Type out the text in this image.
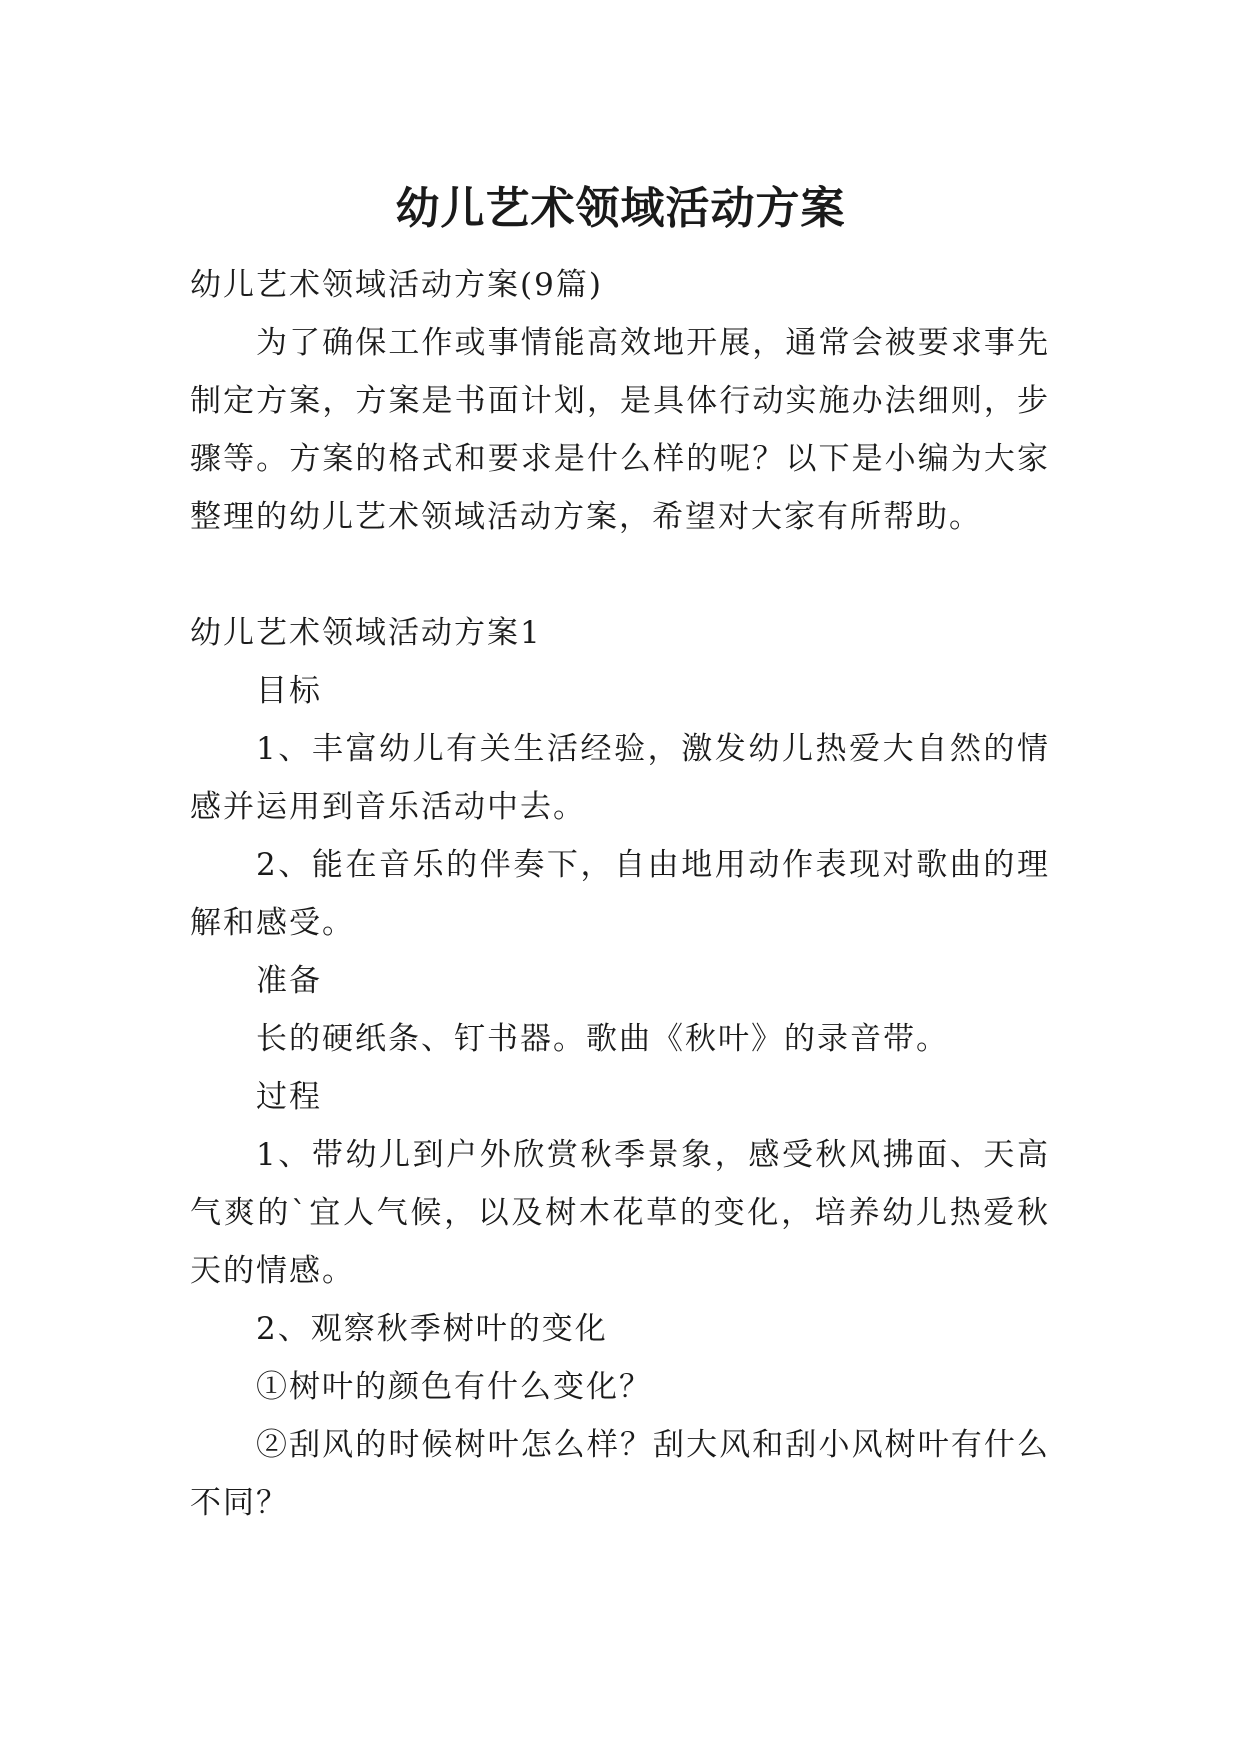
幼儿艺术领域活动方案

幼儿艺术领域活动方案(9篇)

为了确保工作或事情能高效地开展，通常会被要求事先制定方案，方案是书面计划，是具体行动实施办法细则，步骤等。方案的格式和要求是什么样的呢？以下是小编为大家整理的幼儿艺术领域活动方案，希望对大家有所帮助。

幼儿艺术领域活动方案1

目标

1、丰富幼儿有关生活经验，激发幼儿热爱大自然的情感并运用到音乐活动中去。

2、能在音乐的伴奏下，自由地用动作表现对歌曲的理解和感受。

准备

长的硬纸条、钉书器。歌曲《秋叶》的录音带。

过程

1、带幼儿到户外欣赏秋季景象，感受秋风拂面、天高气爽的`宜人气候，以及树木花草的变化，培养幼儿热爱秋天的情感。

2、观察秋季树叶的变化

①树叶的颜色有什么变化？

②刮风的时候树叶怎么样？刮大风和刮小风树叶有什么不同？
